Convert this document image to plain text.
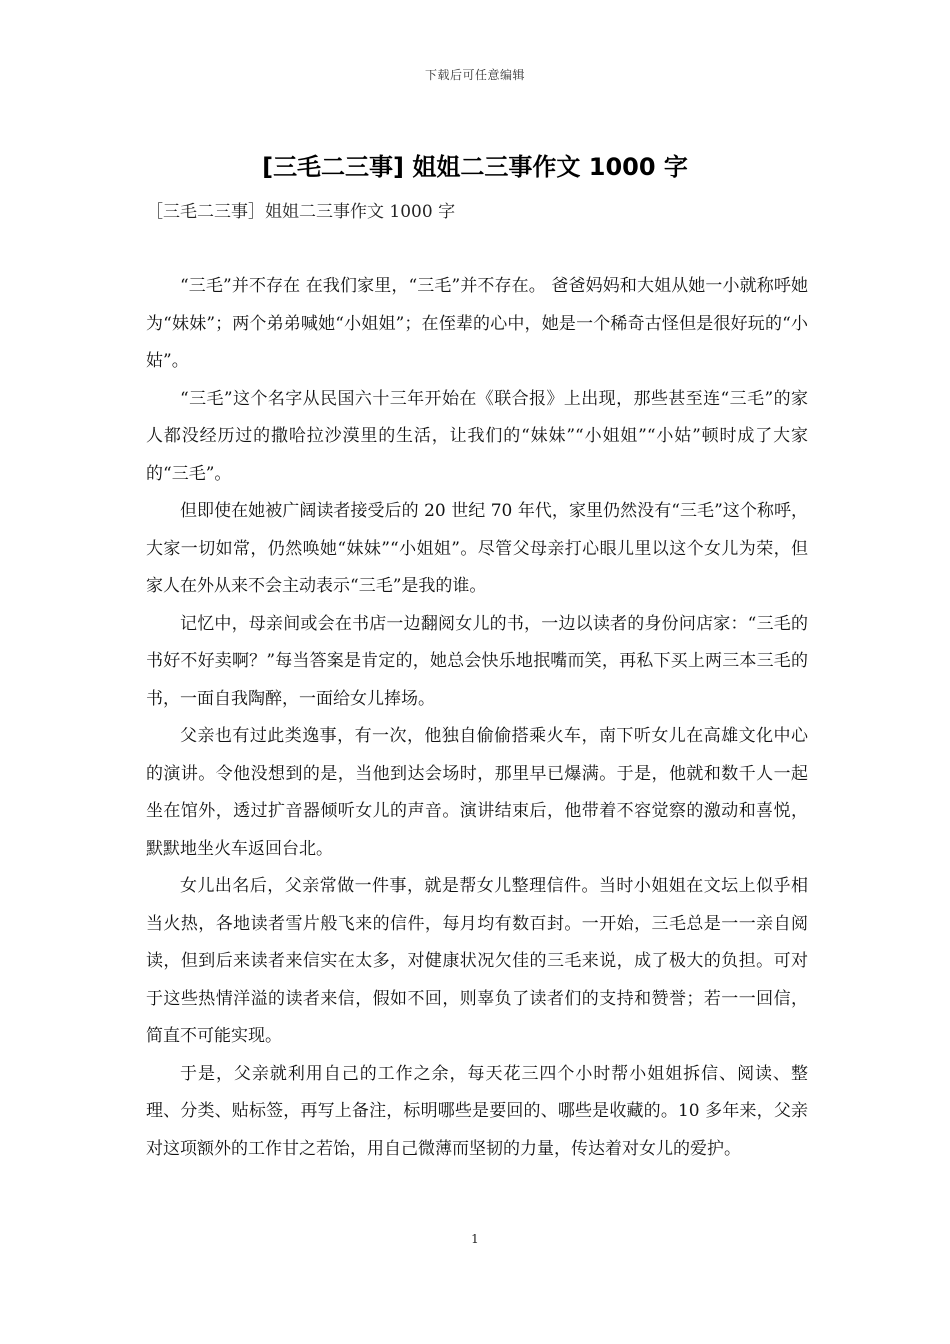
下载后可任意编辑
[三毛二三事] 姐姐二三事作文 1000 字
［三毛二三事］姐姐二三事作文 1000 字

“三毛”并不存在 在我们家里，“三毛”并不存在。 爸爸妈妈和大姐从她一小就称呼她为“妹妹”；两个弟弟喊她“小姐姐”；在侄辈的心中，她是一个稀奇古怪但是很好玩的“小姑”。

“三毛”这个名字从民国六十三年开始在《联合报》上出现，那些甚至连“三毛”的家人都没经历过的撒哈拉沙漠里的生活，让我们的“妹妹”“小姐姐”“小姑”顿时成了大家的“三毛”。

但即使在她被广阔读者接受后的 20 世纪 70 年代，家里仍然没有“三毛”这个称呼，大家一切如常，仍然唤她“妹妹”“小姐姐”。尽管父母亲打心眼儿里以这个女儿为荣，但家人在外从来不会主动表示“三毛”是我的谁。

记忆中，母亲间或会在书店一边翻阅女儿的书，一边以读者的身份问店家：“三毛的书好不好卖啊？”每当答案是肯定的，她总会快乐地抿嘴而笑，再私下买上两三本三毛的书，一面自我陶醉，一面给女儿捧场。

父亲也有过此类逸事，有一次，他独自偷偷搭乘火车，南下听女儿在高雄文化中心的演讲。令他没想到的是，当他到达会场时，那里早已爆满。于是，他就和数千人一起坐在馆外，透过扩音器倾听女儿的声音。演讲结束后，他带着不容觉察的激动和喜悦，默默地坐火车返回台北。

女儿出名后，父亲常做一件事，就是帮女儿整理信件。当时小姐姐在文坛上似乎相当火热，各地读者雪片般飞来的信件，每月均有数百封。一开始，三毛总是一一亲自阅读，但到后来读者来信实在太多，对健康状况欠佳的三毛来说，成了极大的负担。可对于这些热情洋溢的读者来信，假如不回，则辜负了读者们的支持和赞誉；若一一回信，简直不可能实现。

于是，父亲就利用自己的工作之余，每天花三四个小时帮小姐姐拆信、阅读、整理、分类、贴标签，再写上备注，标明哪些是要回的、哪些是收藏的。10 多年来，父亲对这项额外的工作甘之若饴，用自己微薄而坚韧的力量，传达着对女儿的爱护。

1
